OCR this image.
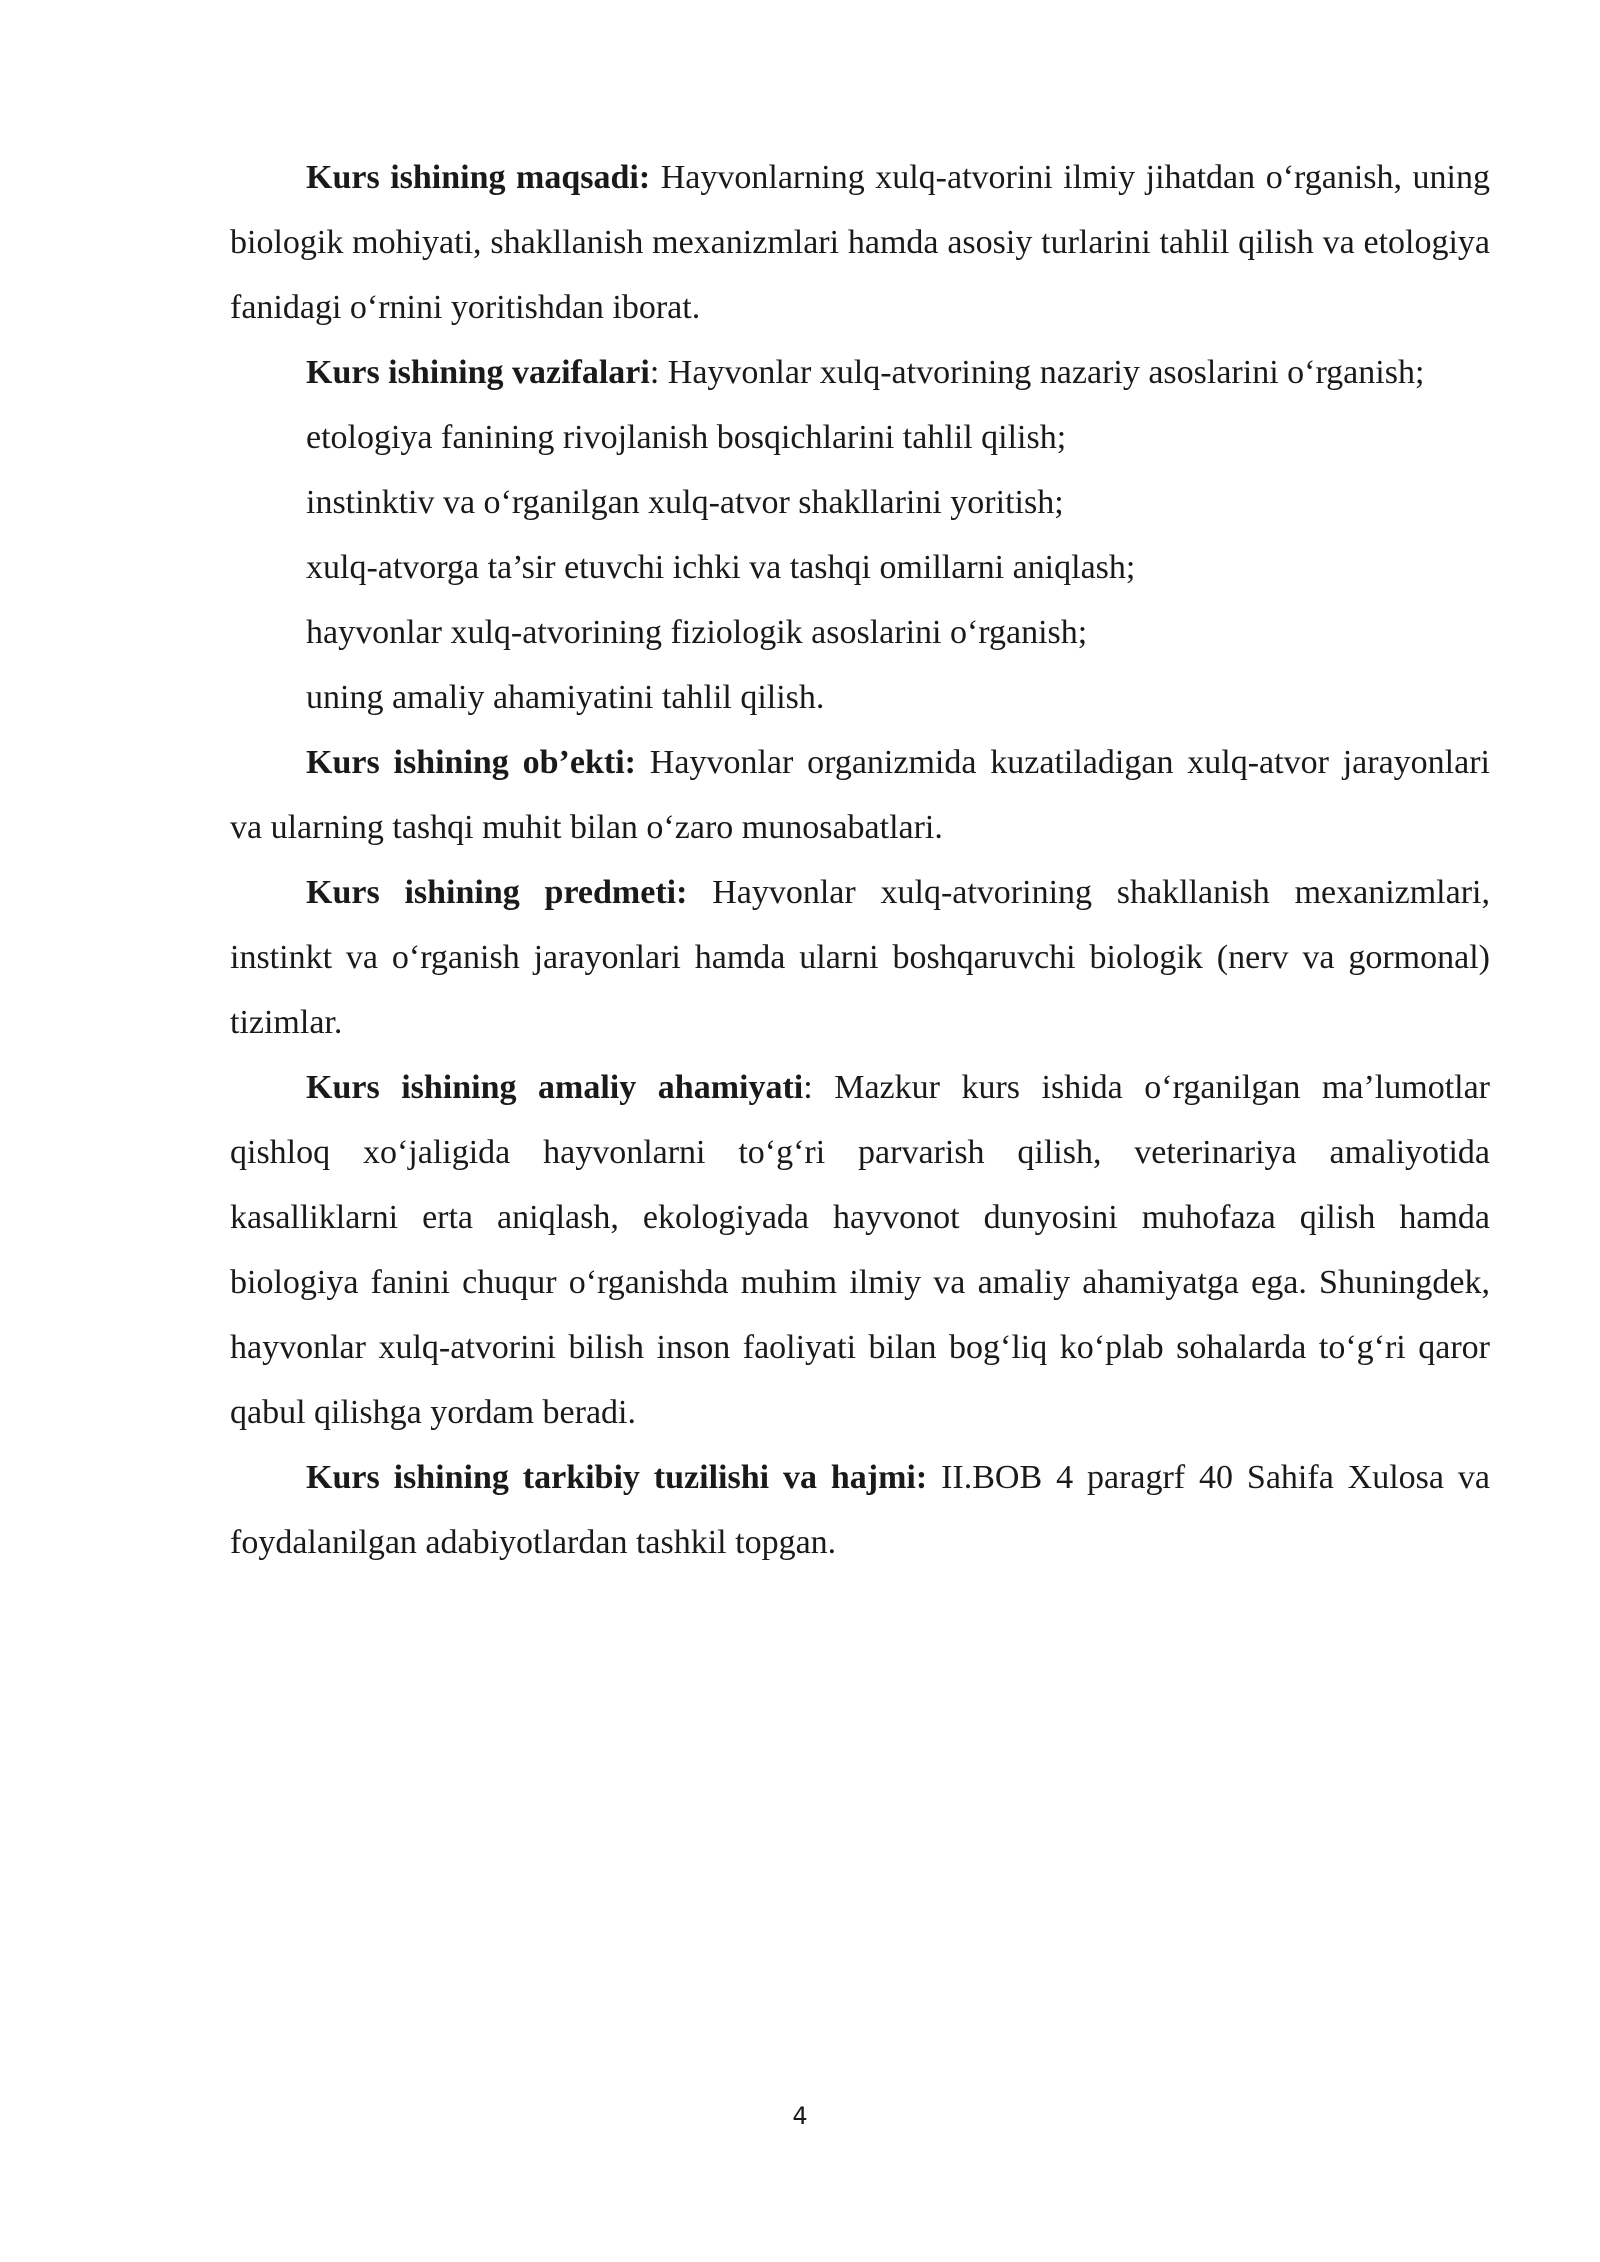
Kurs ishining maqsadi: Hayvonlarning xulq-atvorini ilmiy jihatdan o‘rganish, uning biologik mohiyati, shakllanish mexanizmlari hamda asosiy turlarini tahlil qilish va etologiya fanidagi o‘rnini yoritishdan iborat.

Kurs ishining vazifalari: Hayvonlar xulq-atvorining nazariy asoslarini o‘rganish;

etologiya fanining rivojlanish bosqichlarini tahlil qilish;

instinktiv va o‘rganilgan xulq-atvor shakllarini yoritish;

xulq-atvorga ta’sir etuvchi ichki va tashqi omillarni aniqlash;

hayvonlar xulq-atvorining fiziologik asoslarini o‘rganish;

uning amaliy ahamiyatini tahlil qilish.

Kurs ishining ob’ekti: Hayvonlar organizmida kuzatiladigan xulq-atvor jarayonlari va ularning tashqi muhit bilan o‘zaro munosabatlari.

Kurs ishining predmeti: Hayvonlar xulq-atvorining shakllanish mexanizmlari, instinkt va o‘rganish jarayonlari hamda ularni boshqaruvchi biologik (nerv va gormonal) tizimlar.

Kurs ishining amaliy ahamiyati: Mazkur kurs ishida o‘rganilgan ma’lumotlar qishloq xo‘jaligida hayvonlarni to‘g‘ri parvarish qilish, veterinariya amaliyotida kasalliklarni erta aniqlash, ekologiyada hayvonot dunyosini muhofaza qilish hamda biologiya fanini chuqur o‘rganishda muhim ilmiy va amaliy ahamiyatga ega. Shuningdek, hayvonlar xulq-atvorini bilish inson faoliyati bilan bog‘liq ko‘plab sohalarda to‘g‘ri qaror qabul qilishga yordam beradi.

Kurs ishining tarkibiy tuzilishi va hajmi: II.BOB 4 paragrf 40 Sahifa Xulosa va foydalanilgan adabiyotlardan tashkil topgan.

4
